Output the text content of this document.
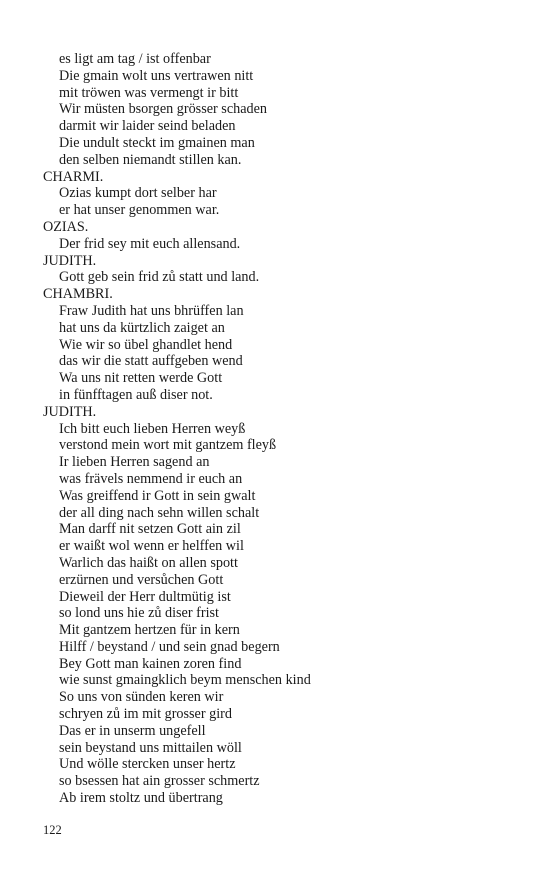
es ligt am tag / ist offenbar
Die gmain wolt uns vertrawen nitt
mit tröwen was vermengt ir bitt
Wir müsten bsorgen grösser schaden
darmit wir laider seind beladen
Die undult steckt im gmainen man
den selben niemandt stillen kan.
CHARMI.
Ozias kumpt dort selber har
er hat unser genommen war.
OZIAS.
Der frid sey mit euch allensand.
JUDITH.
Gott geb sein frid zů statt und land.
CHAMBRI.
Fraw Judith hat uns bhrüffen lan
hat uns da kürtzlich zaiget an
Wie wir so übel ghandlet hend
das wir die statt auffgeben wend
Wa uns nit retten werde Gott
in fünfftagen auß diser not.
JUDITH.
Ich bitt euch lieben Herren weyß
verstond mein wort mit gantzem fleyß
Ir lieben Herren sagend an
was frävels nemmend ir euch an
Was greiffend ir Gott in sein gwalt
der all ding nach sehn willen schalt
Man darff nit setzen Gott ain zil
er waißt wol wenn er helffen wil
Warlich das haißt on allen spott
erzürnen und versůchen Gott
Dieweil der Herr dultmütig ist
so lond uns hie zů diser frist
Mit gantzem hertzen für in kern
Hilff / beystand / und sein gnad begern
Bey Gott man kainen zoren find
wie sunst gmaingklich beym menschen kind
So uns von sünden keren wir
schryen zů im mit grosser gird
Das er in unserm ungefell
sein beystand uns mittailen wöll
Und wölle stercken unser hertz
so bsessen hat ain grosser schmertz
Ab irem stoltz und übertrang
122
